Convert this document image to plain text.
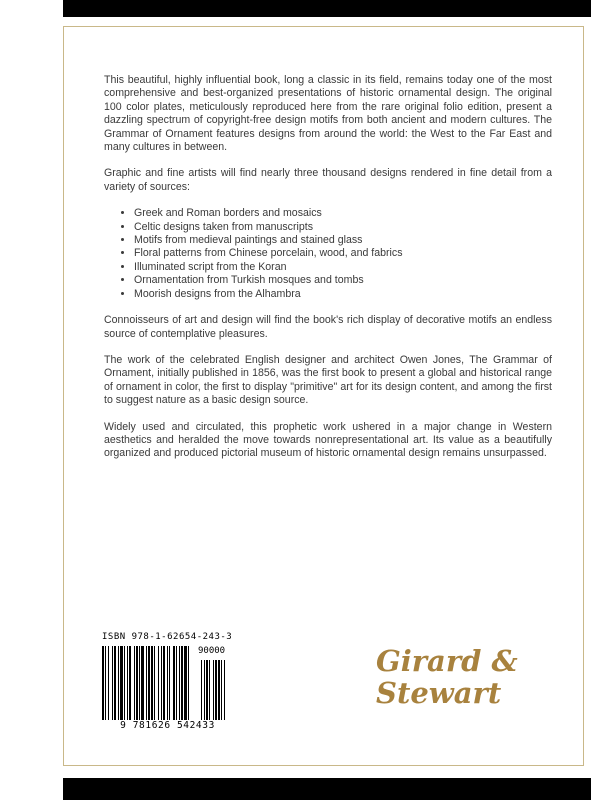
This beautiful, highly influential book, long a classic in its field, remains today one of the most comprehensive and best-organized presentations of historic ornamental design. The original 100 color plates, meticulously reproduced here from the rare original folio edition, present a dazzling spectrum of copyright-free design motifs from both ancient and modern cultures. The Grammar of Ornament features designs from around the world: the West to the Far East and many cultures in between.

Graphic and fine artists will find nearly three thousand designs rendered in fine detail from a variety of sources:

• Greek and Roman borders and mosaics
• Celtic designs taken from manuscripts
• Motifs from medieval paintings and stained glass
• Floral patterns from Chinese porcelain, wood, and fabrics
• Illuminated script from the Koran
• Ornamentation from Turkish mosques and tombs
• Moorish designs from the Alhambra

Connoisseurs of art and design will find the book's rich display of decorative motifs an endless source of contemplative pleasures.

The work of the celebrated English designer and architect Owen Jones, The Grammar of Ornament, initially published in 1856, was the first book to present a global and historical range of ornament in color, the first to display "primitive" art for its design content, and among the first to suggest nature as a basic design source.

Widely used and circulated, this prophetic work ushered in a major change in Western aesthetics and heralded the move towards nonrepresentational art. Its value as a beautifully organized and produced pictorial museum of historic ornamental design remains unsurpassed.

ISBN 978-1-62654-243-3
90000
9 781626 542433
Girard &
Stewart
